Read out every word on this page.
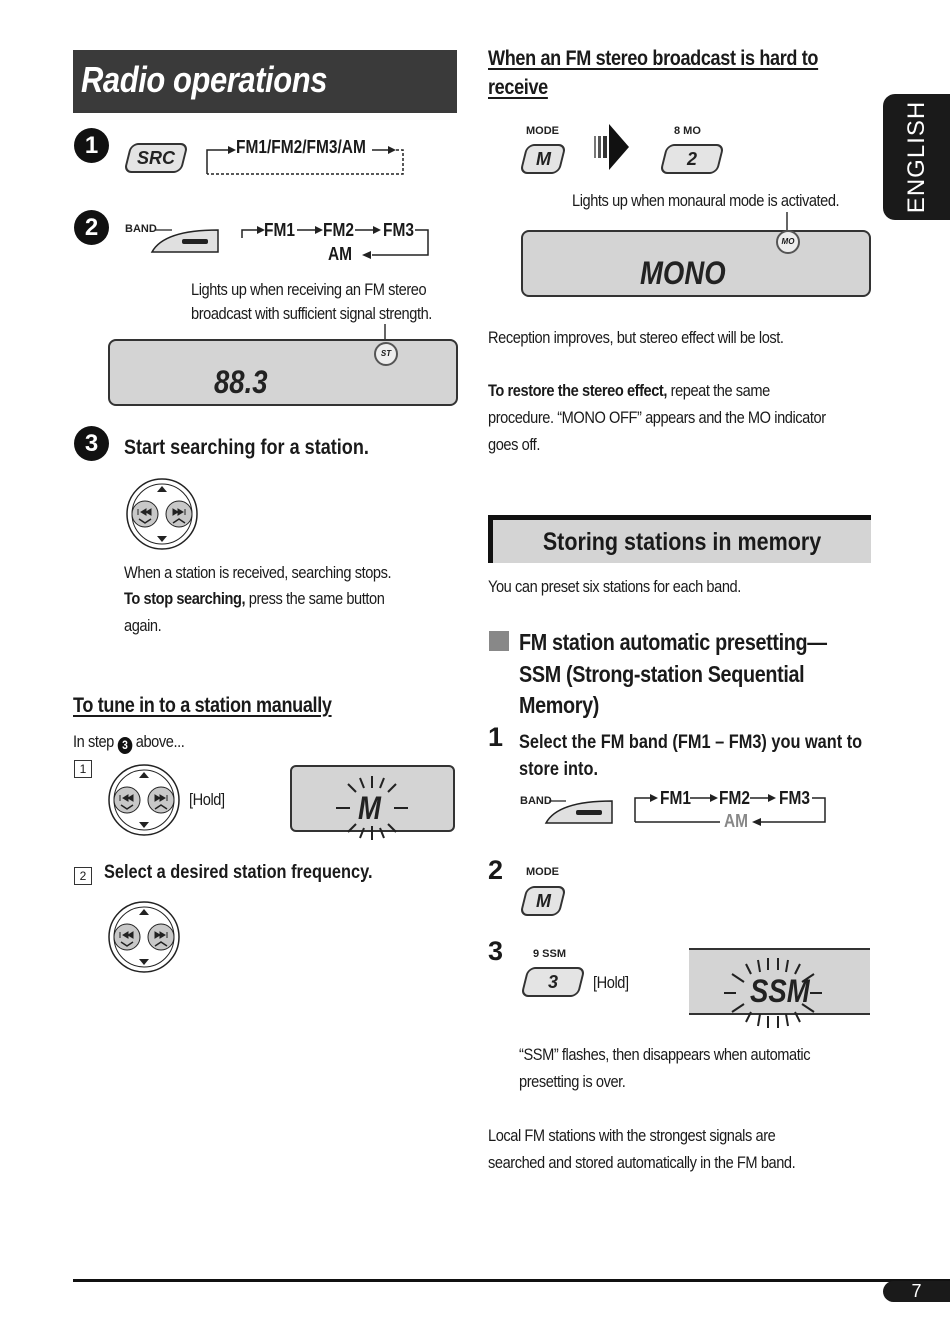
Radio operations
ENGLISH
1	SRC
FM1/FM2/FM3/AM
2	BAND	FM1 FM2 FM3
AM
Lights up when receiving an FM stereo
broadcast with sufficient signal strength.
ST
88.3
3	Start searching for a station.
When a station is received, searching stops.
To stop searching, press the same button
again.
To tune in to a station manually
In step 3 above...
1
[Hold]	M
2 Select a desired station frequency.
When an FM stereo broadcast is hard to
receive
MODE
M
8 MO
2
Lights up when monaural mode is activated.
MO
MONO
Reception improves, but stereo effect will be lost.
To restore the stereo effect, repeat the same
procedure. “MONO OFF” appears and the MO indicator
goes off.
Storing stations in memory
You can preset six stations for each band.
FM station automatic presetting—
SSM (Strong-station Sequential
Memory)
1 Select the FM band (FM1 – FM3) you want to
store into.
BAND	FM1 FM2 FM3
AM
2 MODE
M
3	9 SSM
3	[Hold]	SSM
“SSM” flashes, then disappears when automatic
presetting is over.
Local FM stations with the strongest signals are
searched and stored automatically in the FM band.
7
